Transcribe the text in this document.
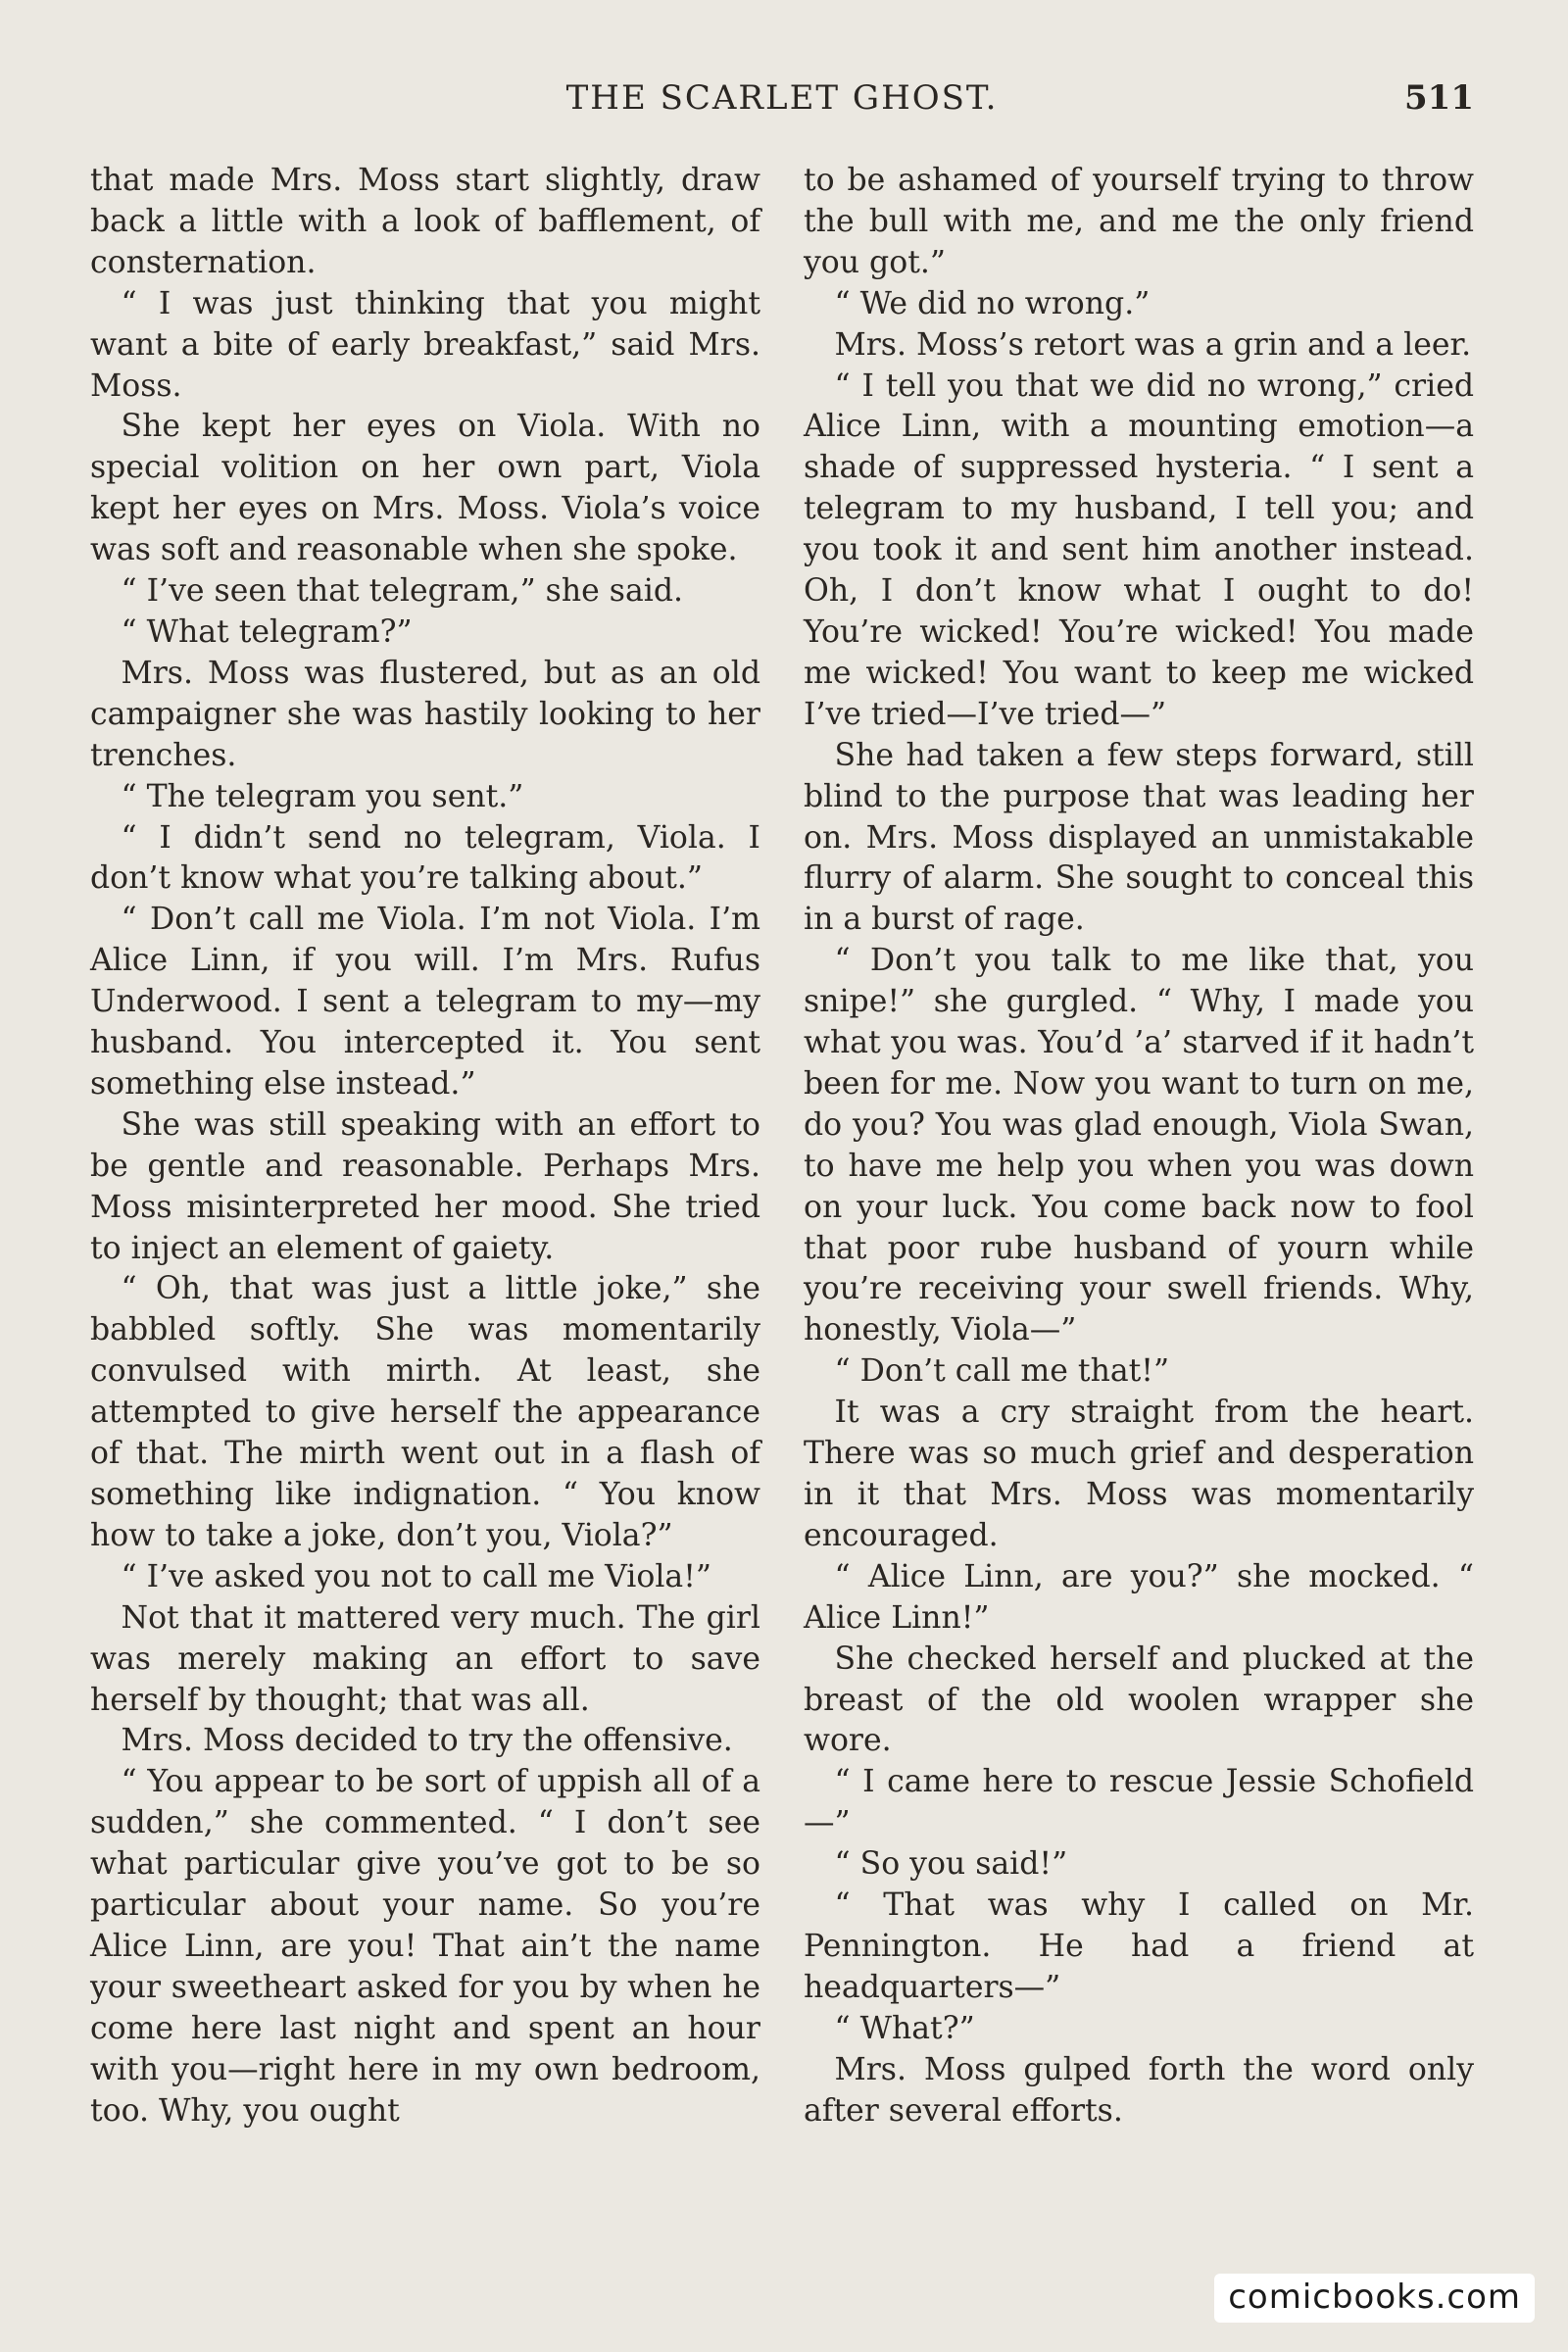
THE SCARLET GHOST.	511

that made Mrs. Moss start slightly, draw back a little with a look of bafflement, of consternation.

“ I was just thinking that you might want a bite of early breakfast,” said Mrs. Moss.

She kept her eyes on Viola. With no special volition on her own part, Viola kept her eyes on Mrs. Moss. Viola’s voice was soft and reasonable when she spoke.

“ I’ve seen that telegram,” she said.

“ What telegram?”

Mrs. Moss was flustered, but as an old campaigner she was hastily looking to her trenches.

“ The telegram you sent.”

“ I didn’t send no telegram, Viola. I don’t know what you’re talking about.”

“ Don’t call me Viola. I’m not Viola. I’m Alice Linn, if you will. I’m Mrs. Rufus Underwood. I sent a telegram to my—my husband. You intercepted it. You sent something else instead.”

She was still speaking with an effort to be gentle and reasonable. Perhaps Mrs. Moss misinterpreted her mood. She tried to inject an element of gaiety.

“ Oh, that was just a little joke,” she babbled softly. She was momentarily convulsed with mirth. At least, she attempted to give herself the appearance of that. The mirth went out in a flash of something like indignation. “ You know how to take a joke, don’t you, Viola?”

“ I’ve asked you not to call me Viola!”

Not that it mattered very much. The girl was merely making an effort to save herself by thought; that was all.

Mrs. Moss decided to try the offensive.

“ You appear to be sort of uppish all of a sudden,” she commented. “ I don’t see what particular give you’ve got to be so particular about your name. So you’re Alice Linn, are you! That ain’t the name your sweetheart asked for you by when he come here last night and spent an hour with you—right here in my own bedroom, too. Why, you ought

to be ashamed of yourself trying to throw the bull with me, and me the only friend you got.”

“ We did no wrong.”

Mrs. Moss’s retort was a grin and a leer.

“ I tell you that we did no wrong,” cried Alice Linn, with a mounting emotion—a shade of suppressed hysteria. “ I sent a telegram to my husband, I tell you; and you took it and sent him another instead. Oh, I don’t know what I ought to do! You’re wicked! You’re wicked! You made me wicked! You want to keep me wicked I’ve tried—I’ve tried—”

She had taken a few steps forward, still blind to the purpose that was leading her on. Mrs. Moss displayed an unmistakable flurry of alarm. She sought to conceal this in a burst of rage.

“ Don’t you talk to me like that, you snipe!” she gurgled. “ Why, I made you what you was. You’d ’a’ starved if it hadn’t been for me. Now you want to turn on me, do you? You was glad enough, Viola Swan, to have me help you when you was down on your luck. You come back now to fool that poor rube husband of yourn while you’re receiving your swell friends. Why, honestly, Viola—”

“ Don’t call me that!”

It was a cry straight from the heart. There was so much grief and desperation in it that Mrs. Moss was momentarily encouraged.

“ Alice Linn, are you?” she mocked. “ Alice Linn!”

She checked herself and plucked at the breast of the old woolen wrapper she wore.

“ I came here to rescue Jessie Schofield—”

“ So you said!”

“ That was why I called on Mr. Pennington. He had a friend at headquarters—”

“ What?”

Mrs. Moss gulped forth the word only after several efforts.

comicbooks.com
